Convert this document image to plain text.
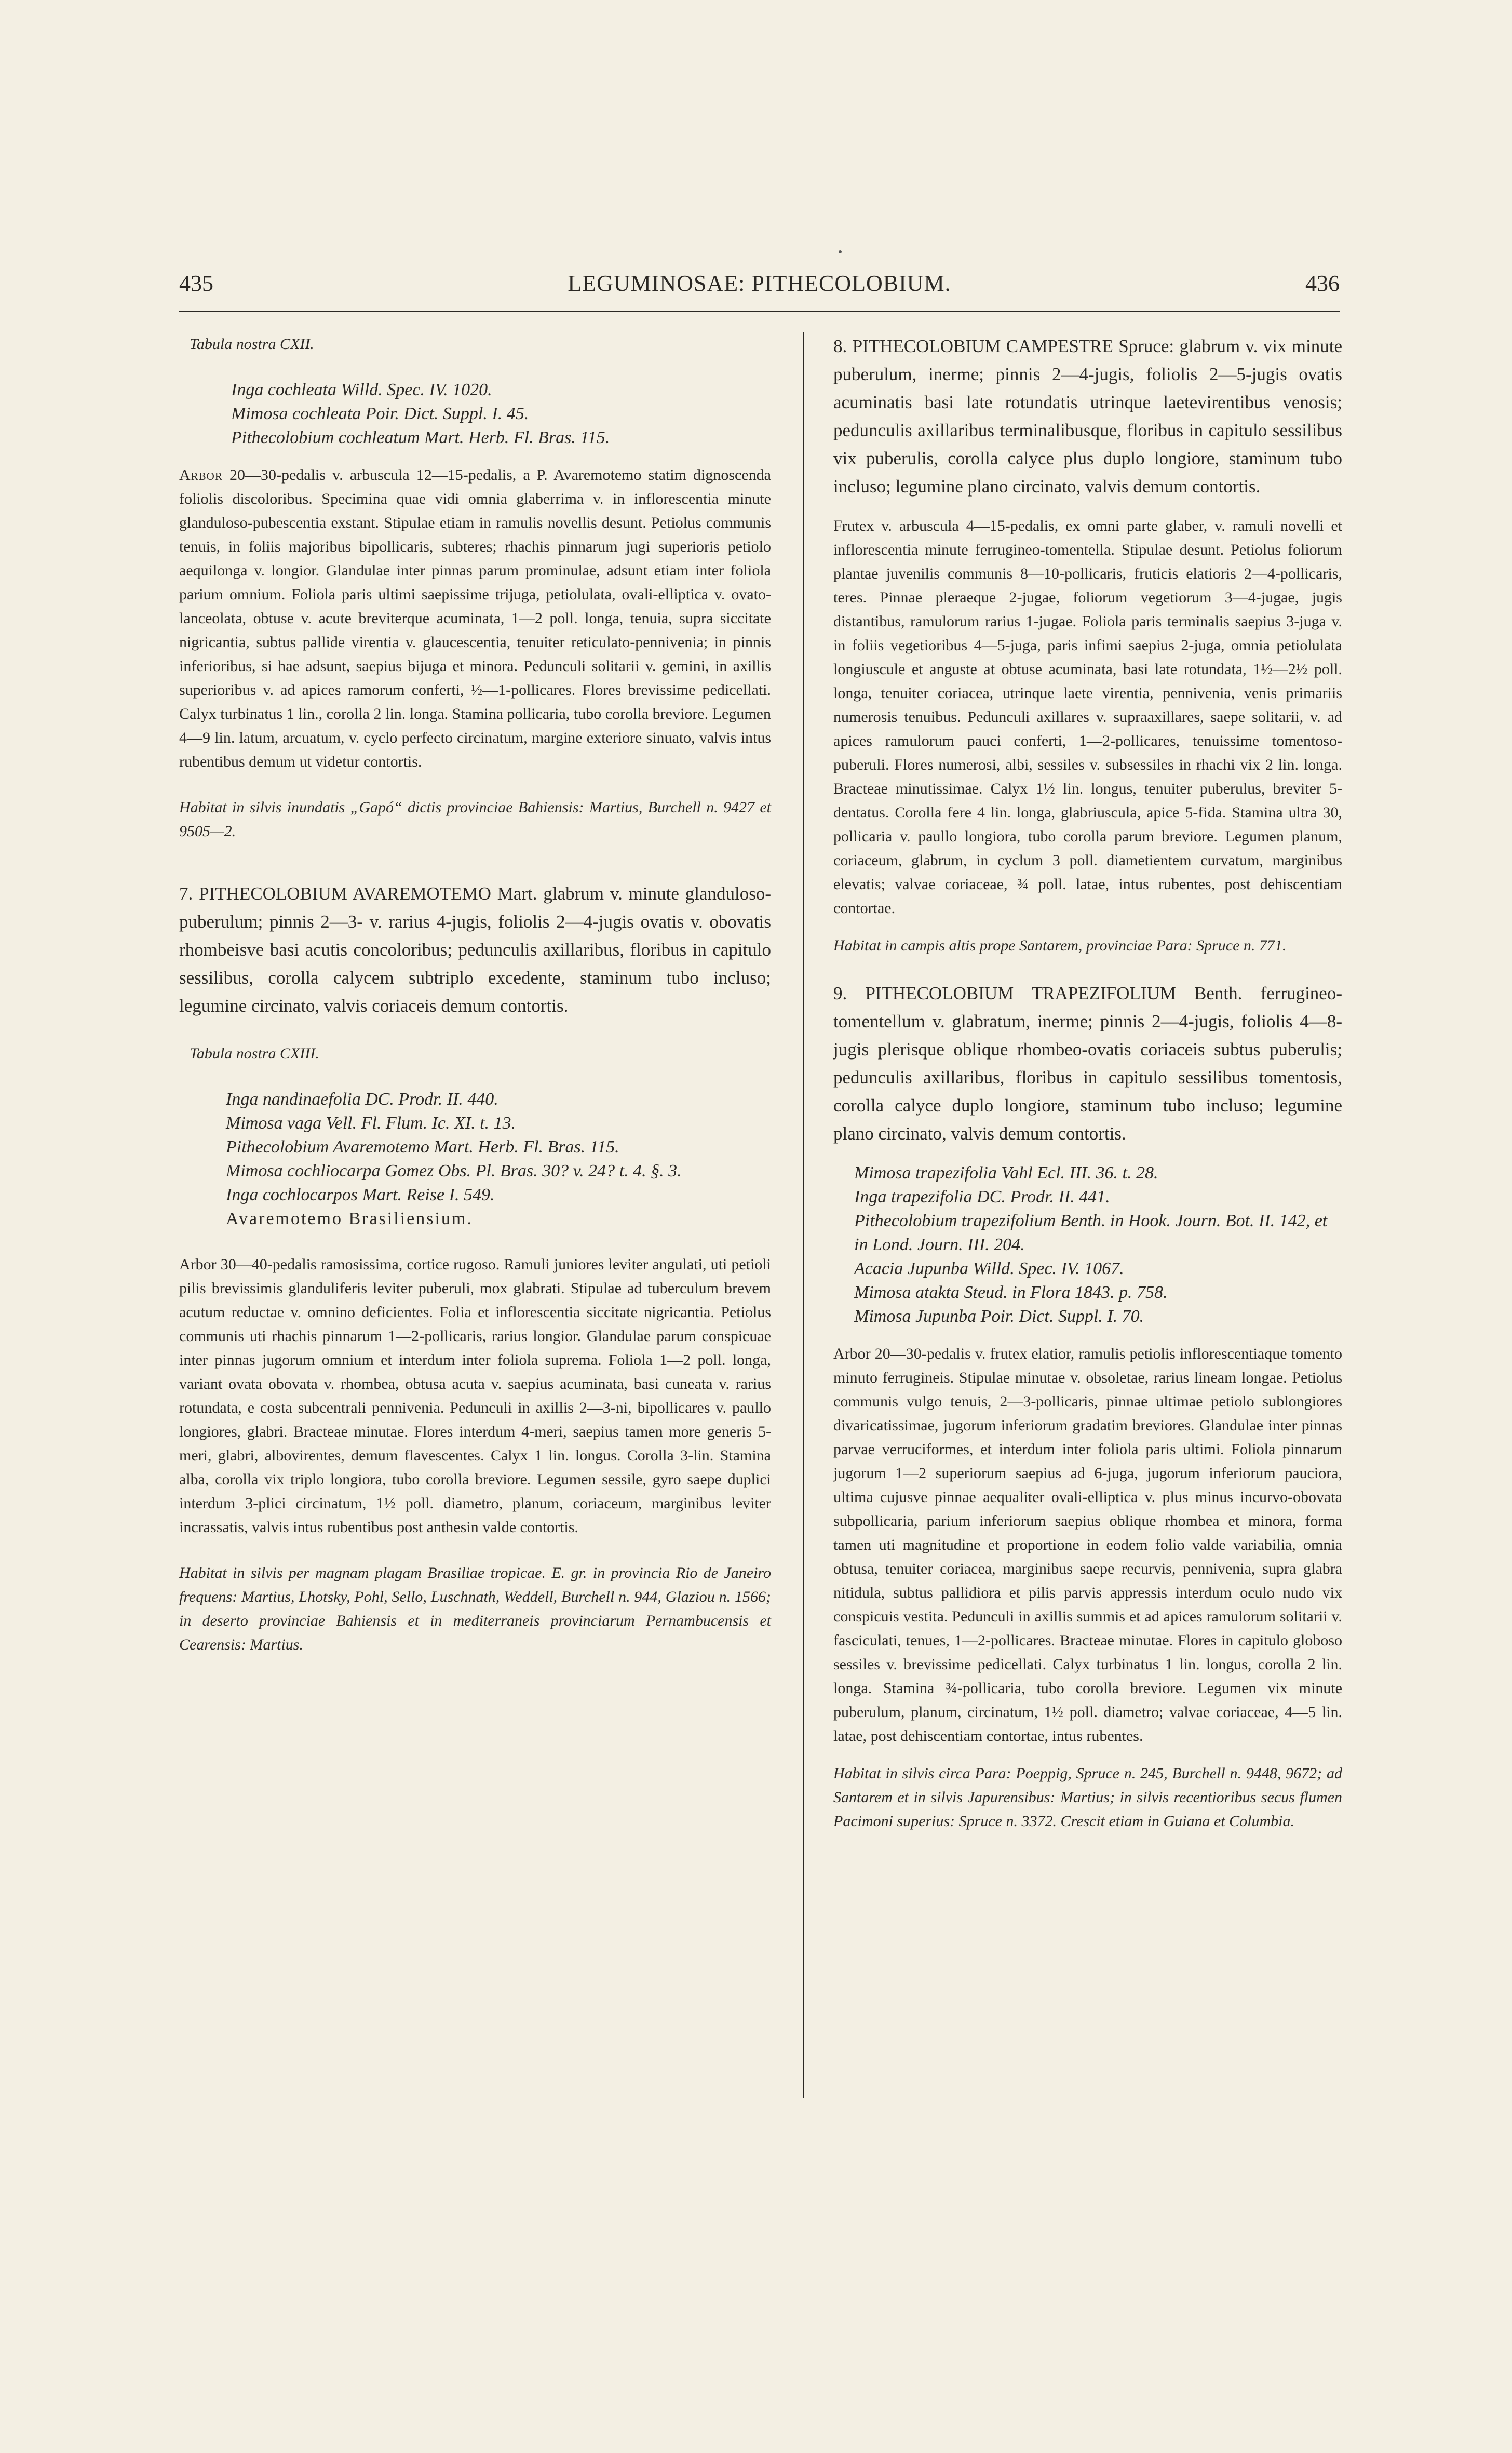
435	LEGUMINOSAE: PITHECOLOBIUM.	436

Tabula nostra CXII.

Inga cochleata Willd. Spec. IV. 1020.

Mimosa cochleata Poir. Dict. Suppl. I. 45.

Pithecolobium cochleatum Mart. Herb. Fl. Bras. 115.

Arbor 20—30-pedalis v. arbuscula 12—15-pedalis, a P. Avaremotemo statim dignoscenda foliolis discoloribus. Specimina quae vidi omnia glaberrima v. in inflorescentia minute glanduloso-pubescentia exstant. Stipulae etiam in ramulis novellis desunt. Petiolus communis tenuis, in foliis majoribus bipollicaris, subteres; rhachis pinnarum jugi superioris petiolo aequilonga v. longior. Glandulae inter pinnas parum prominulae, adsunt etiam inter foliola parium omnium. Foliola paris ultimi saepissime trijuga, petiolulata, ovali-elliptica v. ovato-lanceolata, obtuse v. acute breviterque acuminata, 1—2 poll. longa, tenuia, supra siccitate nigricantia, subtus pallide virentia v. glaucescentia, tenuiter reticulato-pennivenia; in pinnis inferioribus, si hae adsunt, saepius bijuga et minora. Pedunculi solitarii v. gemini, in axillis superioribus v. ad apices ramorum conferti, ½—1-pollicares. Flores brevissime pedicellati. Calyx turbinatus 1 lin., corolla 2 lin. longa. Stamina pollicaria, tubo corolla breviore. Legumen 4—9 lin. latum, arcuatum, v. cyclo perfecto circinatum, margine exteriore sinuato, valvis intus rubentibus demum ut videtur contortis.

Habitat in silvis inundatis „Gapó“ dictis provinciae Bahiensis: Martius, Burchell n. 9427 et 9505—2.

7. PITHECOLOBIUM AVAREMOTEMO Mart. glabrum v. minute glanduloso-puberulum; pinnis 2—3- v. rarius 4-jugis, foliolis 2—4-jugis ovatis v. obovatis rhombeisve basi acutis concoloribus; pedunculis axillaribus, floribus in capitulo sessilibus, corolla calycem subtriplo excedente, staminum tubo incluso; legumine circinato, valvis coriaceis demum contortis.

Tabula nostra CXIII.

Inga nandinaefolia DC. Prodr. II. 440.

Mimosa vaga Vell. Fl. Flum. Ic. XI. t. 13.

Pithecolobium Avaremotemo Mart. Herb. Fl. Bras. 115.

Mimosa cochliocarpa Gomez Obs. Pl. Bras. 30? v. 24? t. 4. §. 3.

Inga cochlocarpos Mart. Reise I. 549.

Avaremotemo Brasiliensium.

Arbor 30—40-pedalis ramosissima, cortice rugoso. Ramuli juniores leviter angulati, uti petioli pilis brevissimis glanduliferis leviter puberuli, mox glabrati. Stipulae ad tuberculum brevem acutum reductae v. omnino deficientes. Folia et inflorescentia siccitate nigricantia. Petiolus communis uti rhachis pinnarum 1—2-pollicaris, rarius longior. Glandulae parum conspicuae inter pinnas jugorum omnium et interdum inter foliola suprema. Foliola 1—2 poll. longa, variant ovata obovata v. rhombea, obtusa acuta v. saepius acuminata, basi cuneata v. rarius rotundata, e costa subcentrali pennivenia. Pedunculi in axillis 2—3-ni, bipollicares v. paullo longiores, glabri. Bracteae minutae. Flores interdum 4-meri, saepius tamen more generis 5-meri, glabri, albovirentes, demum flavescentes. Calyx 1 lin. longus. Corolla 3-lin. Stamina alba, corolla vix triplo longiora, tubo corolla breviore. Legumen sessile, gyro saepe duplici interdum 3-plici circinatum, 1½ poll. diametro, planum, coriaceum, marginibus leviter incrassatis, valvis intus rubentibus post anthesin valde contortis.

Habitat in silvis per magnam plagam Brasiliae tropicae. E. gr. in provincia Rio de Janeiro frequens: Martius, Lhotsky, Pohl, Sello, Luschnath, Weddell, Burchell n. 944, Glaziou n. 1566; in deserto provinciae Bahiensis et in mediterraneis provinciarum Pernambucensis et Cearensis: Martius.

8. PITHECOLOBIUM CAMPESTRE Spruce: glabrum v. vix minute puberulum, inerme; pinnis 2—4-jugis, foliolis 2—5-jugis ovatis acuminatis basi late rotundatis utrinque laetevirentibus venosis; pedunculis axillaribus terminalibusque, floribus in capitulo sessilibus vix puberulis, corolla calyce plus duplo longiore, staminum tubo incluso; legumine plano circinato, valvis demum contortis.

Frutex v. arbuscula 4—15-pedalis, ex omni parte glaber, v. ramuli novelli et inflorescentia minute ferrugineo-tomentella. Stipulae desunt. Petiolus foliorum plantae juvenilis communis 8—10-pollicaris, fruticis elatioris 2—4-pollicaris, teres. Pinnae pleraeque 2-jugae, foliorum vegetiorum 3—4-jugae, jugis distantibus, ramulorum rarius 1-jugae. Foliola paris terminalis saepius 3-juga v. in foliis vegetioribus 4—5-juga, paris infimi saepius 2-juga, omnia petiolulata longiuscule et anguste at obtuse acuminata, basi late rotundata, 1½—2½ poll. longa, tenuiter coriacea, utrinque laete virentia, pennivenia, venis primariis numerosis tenuibus. Pedunculi axillares v. supraaxillares, saepe solitarii, v. ad apices ramulorum pauci conferti, 1—2-pollicares, tenuissime tomentoso-puberuli. Flores numerosi, albi, sessiles v. subsessiles in rhachi vix 2 lin. longa. Bracteae minutissimae. Calyx 1½ lin. longus, tenuiter puberulus, breviter 5-dentatus. Corolla fere 4 lin. longa, glabriuscula, apice 5-fida. Stamina ultra 30, pollicaria v. paullo longiora, tubo corolla parum breviore. Legumen planum, coriaceum, glabrum, in cyclum 3 poll. diametientem curvatum, marginibus elevatis; valvae coriaceae, ¾ poll. latae, intus rubentes, post dehiscentiam contortae.

Habitat in campis altis prope Santarem, provinciae Para: Spruce n. 771.

9. PITHECOLOBIUM TRAPEZIFOLIUM Benth. ferrugineo-tomentellum v. glabratum, inerme; pinnis 2—4-jugis, foliolis 4—8-jugis plerisque oblique rhombeo-ovatis coriaceis subtus puberulis; pedunculis axillaribus, floribus in capitulo sessilibus tomentosis, corolla calyce duplo longiore, staminum tubo incluso; legumine plano circinato, valvis demum contortis.

Mimosa trapezifolia Vahl Ecl. III. 36. t. 28.

Inga trapezifolia DC. Prodr. II. 441.

Pithecolobium trapezifolium Benth. in Hook. Journ. Bot. II. 142, et in Lond. Journ. III. 204.

Acacia Jupunba Willd. Spec. IV. 1067.

Mimosa atakta Steud. in Flora 1843. p. 758.

Mimosa Jupunba Poir. Dict. Suppl. I. 70.

Arbor 20—30-pedalis v. frutex elatior, ramulis petiolis inflorescentiaque tomento minuto ferrugineis. Stipulae minutae v. obsoletae, rarius lineam longae. Petiolus communis vulgo tenuis, 2—3-pollicaris, pinnae ultimae petiolo sublongiores divaricatissimae, jugorum inferiorum gradatim breviores. Glandulae inter pinnas parvae verruciformes, et interdum inter foliola paris ultimi. Foliola pinnarum jugorum 1—2 superiorum saepius ad 6-juga, jugorum inferiorum pauciora, ultima cujusve pinnae aequaliter ovali-elliptica v. plus minus incurvo-obovata subpollicaria, parium inferiorum saepius oblique rhombea et minora, forma tamen uti magnitudine et proportione in eodem folio valde variabilia, omnia obtusa, tenuiter coriacea, marginibus saepe recurvis, pennivenia, supra glabra nitidula, subtus pallidiora et pilis parvis appressis interdum oculo nudo vix conspicuis vestita. Pedunculi in axillis summis et ad apices ramulorum solitarii v. fasciculati, tenues, 1—2-pollicares. Bracteae minutae. Flores in capitulo globoso sessiles v. brevissime pedicellati. Calyx turbinatus 1 lin. longus, corolla 2 lin. longa. Stamina ¾-pollicaria, tubo corolla breviore. Legumen vix minute puberulum, planum, circinatum, 1½ poll. diametro; valvae coriaceae, 4—5 lin. latae, post dehiscentiam contortae, intus rubentes.

Habitat in silvis circa Para: Poeppig, Spruce n. 245, Burchell n. 9448, 9672; ad Santarem et in silvis Japurensibus: Martius; in silvis recentioribus secus flumen Pacimoni superius: Spruce n. 3372. Crescit etiam in Guiana et Columbia.
